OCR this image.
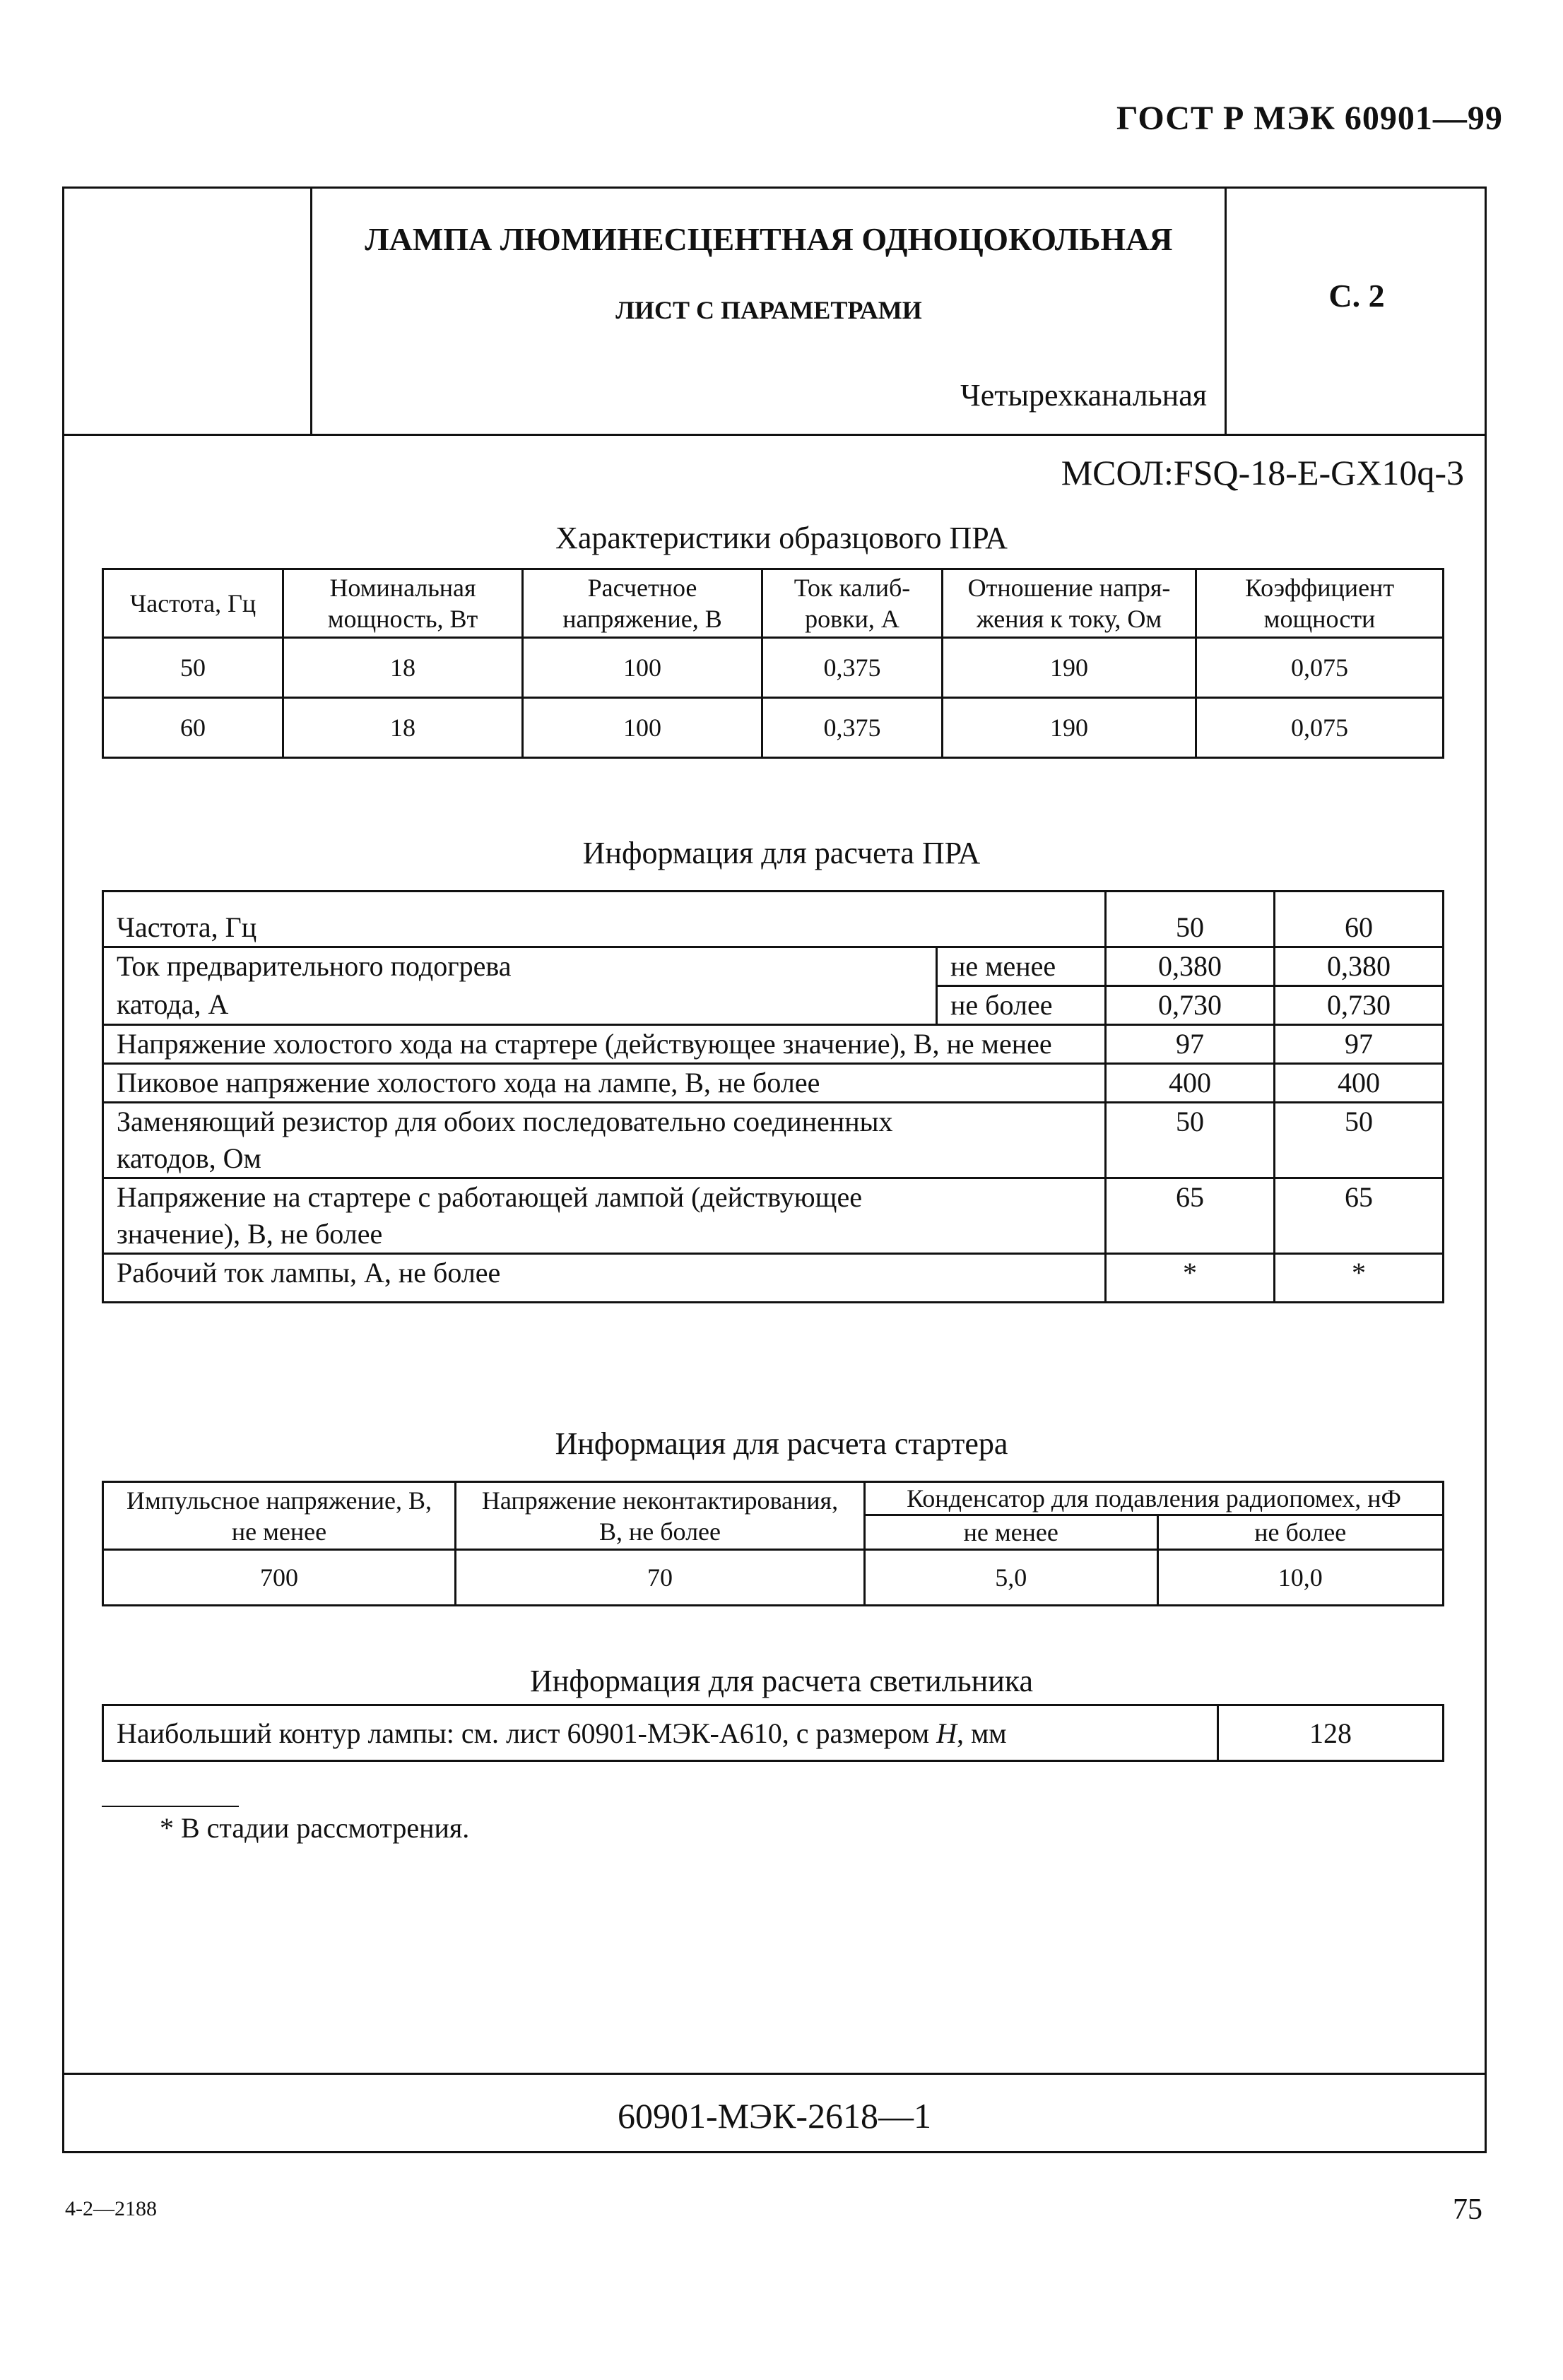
ГОСТ Р МЭК 60901—99
ЛАМПА ЛЮМИНЕСЦЕНТНАЯ ОДНОЦОКОЛЬНАЯ
ЛИСТ С ПАРАМЕТРАМИ
Четырехканальная
С. 2
МСОЛ:FSQ-18-E-GX10q-3
Характеристики образцового ПРА
Частота, Гц	Номинальная мощность, Вт	Расчетное напряжение, В	Ток калиб-ровки, А	Отношение напря-жения к току, Ом	Коэффициент мощности
50	18	100	0,375	190	0,075
60	18	100	0,375	190	0,075
Информация для расчета ПРА
Частота, Гц		50	60
Ток предварительного подогрева	не менее	0,380	0,380
катода, А	не более	0,730	0,730
Напряжение холостого хода на стартере (действующее значение), В, не менее		97	97
Пиковое напряжение холостого хода на лампе, В, не более		400	400
Заменяющий резистор для обоих последовательно соединенных катодов, Ом		50	50
Напряжение на стартере с работающей лампой (действующее значение), В, не более		65	65
Рабочий ток лампы, А, не более		*	*
Информация для расчета стартера
Импульсное напряжение, В, не менее	Напряжение неконтактирования, В, не более	Конденсатор для подавления радиопомех, нФ	
		не менее	не более
700	70	5,0	10,0
Информация для расчета светильника
Наибольший контур лампы: см. лист 60901-МЭК-А610, с размером H, мм	128
* В стадии рассмотрения.
60901-МЭК-2618—1
4-2—2188	75
